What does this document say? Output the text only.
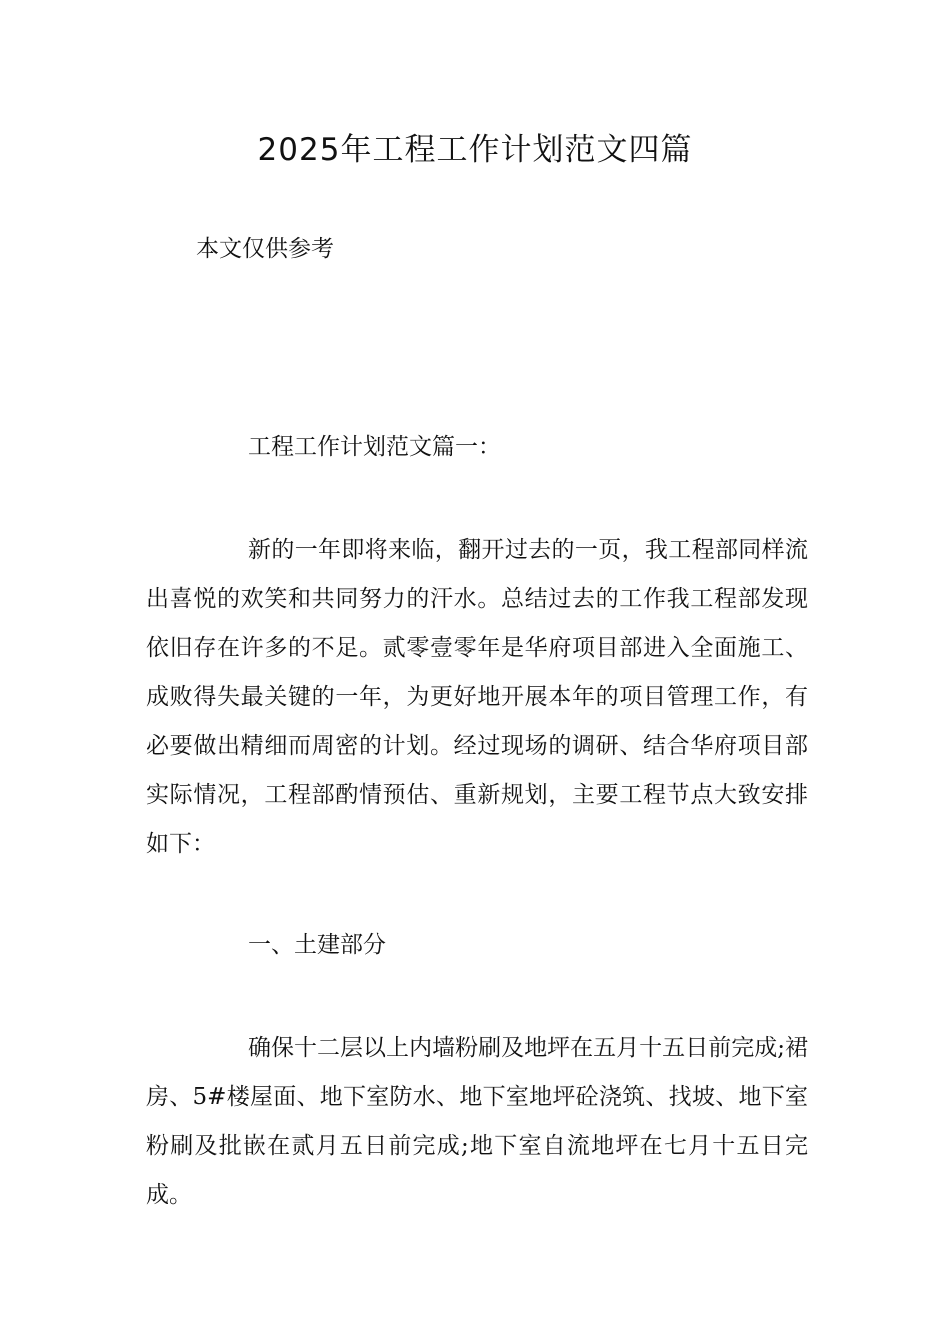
2025年工程工作计划范文四篇

本文仅供参考

工程工作计划范文篇一：

新的一年即将来临，翻开过去的一页，我工程部同样流出喜悦的欢笑和共同努力的汗水。总结过去的工作我工程部发现依旧存在许多的不足。贰零壹零年是华府项目部进入全面施工、成败得失最关键的一年，为更好地开展本年的项目管理工作，有必要做出精细而周密的计划。经过现场的调研、结合华府项目部实际情况，工程部酌情预估、重新规划，主要工程节点大致安排如下：

一、土建部分

确保十二层以上内墙粉刷及地坪在五月十五日前完成;裙房、5#楼屋面、地下室防水、地下室地坪砼浇筑、找坡、地下室粉刷及批嵌在贰月五日前完成;地下室自流地坪在七月十五日完成。
